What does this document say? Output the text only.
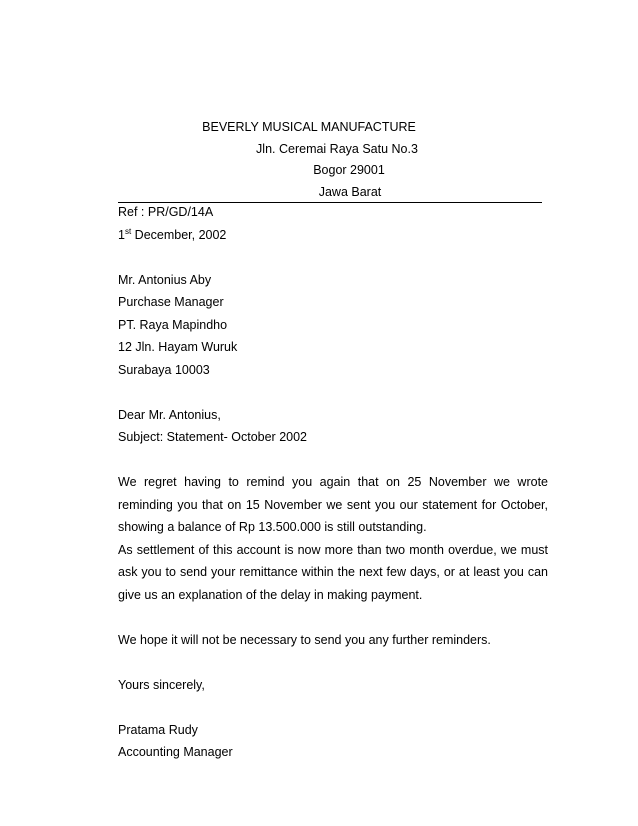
BEVERLY MUSICAL MANUFACTURE
Jln. Ceremai Raya Satu No.3
Bogor 29001
Jawa Barat
Ref : PR/GD/14A
1st December, 2002
Mr. Antonius Aby
Purchase Manager
PT. Raya Mapindho
12 Jln. Hayam Wuruk
Surabaya 10003
Dear Mr. Antonius,
Subject: Statement- October 2002
We regret having to remind you again that on 25 November we wrote
reminding you that on 15 November we sent you our statement for October,
showing a balance of Rp 13.500.000 is still outstanding.
As settlement of this account is now more than two month overdue, we must
ask you to send your remittance within the next few days, or at least you can
give us an explanation of the delay in making payment.
We hope it will not be necessary to send you any further reminders.
Yours sincerely,
Pratama Rudy
Accounting Manager
